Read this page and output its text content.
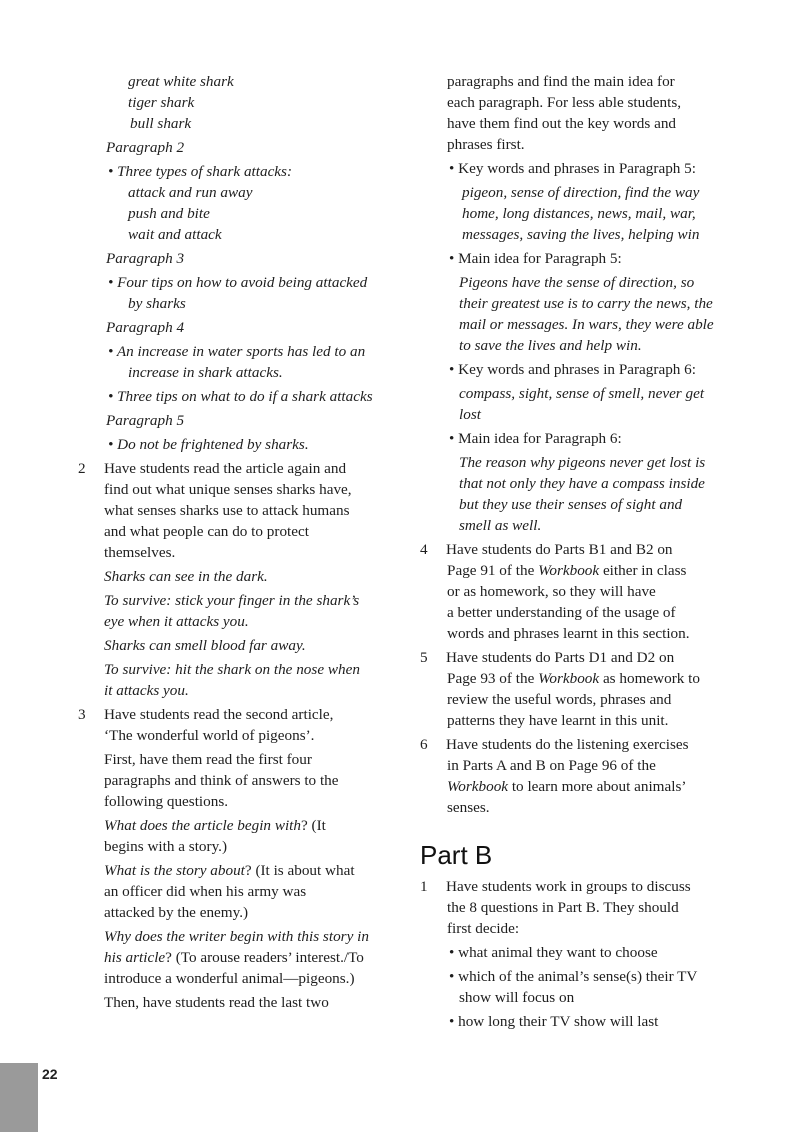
great white shark
tiger shark
bull shark
Paragraph 2
• Three types of shark attacks:
attack and run away
push and bite
wait and attack
Paragraph 3
• Four tips on how to avoid being attacked
by sharks
Paragraph 4
• An increase in water sports has led to an
increase in shark attacks.
• Three tips on what to do if a shark attacks
Paragraph 5
• Do not be frightened by sharks.
2 Have students read the article again and
find out what unique senses sharks have,
what senses sharks use to attack humans
and what people can do to protect
themselves.
Sharks can see in the dark.
To survive: stick your finger in the shark’s
eye when it attacks you.
Sharks can smell blood far away.
To survive: hit the shark on the nose when
it attacks you.
3 Have students read the second article,
‘The wonderful world of pigeons’.
First, have them read the first four
paragraphs and think of answers to the
following questions.
What does the article begin with? (It
begins with a story.)
What is the story about? (It is about what
an officer did when his army was
attacked by the enemy.)
Why does the writer begin with this story in
his article? (To arouse readers’ interest./To
introduce a wonderful animal—pigeons.)
Then, have students read the last two
paragraphs and find the main idea for
each paragraph. For less able students,
have them find out the key words and
phrases first.
• Key words and phrases in Paragraph 5:
pigeon, sense of direction, find the way
home, long distances, news, mail, war,
messages, saving the lives, helping win
• Main idea for Paragraph 5:
Pigeons have the sense of direction, so
their greatest use is to carry the news, the
mail or messages. In wars, they were able
to save the lives and help win.
• Key words and phrases in Paragraph 6:
compass, sight, sense of smell, never get
lost
• Main idea for Paragraph 6:
The reason why pigeons never get lost is
that not only they have a compass inside
but they use their senses of sight and
smell as well.
4 Have students do Parts B1 and B2 on
Page 91 of the Workbook either in class
or as homework, so they will have
a better understanding of the usage of
words and phrases learnt in this section.
5 Have students do Parts D1 and D2 on
Page 93 of the Workbook as homework to
review the useful words, phrases and
patterns they have learnt in this unit.
6 Have students do the listening exercises
in Parts A and B on Page 96 of the
Workbook to learn more about animals’
senses.
Part B
1 Have students work in groups to discuss
the 8 questions in Part B. They should
first decide:
• what animal they want to choose
• which of the animal’s sense(s) their TV
show will focus on
• how long their TV show will last
22
